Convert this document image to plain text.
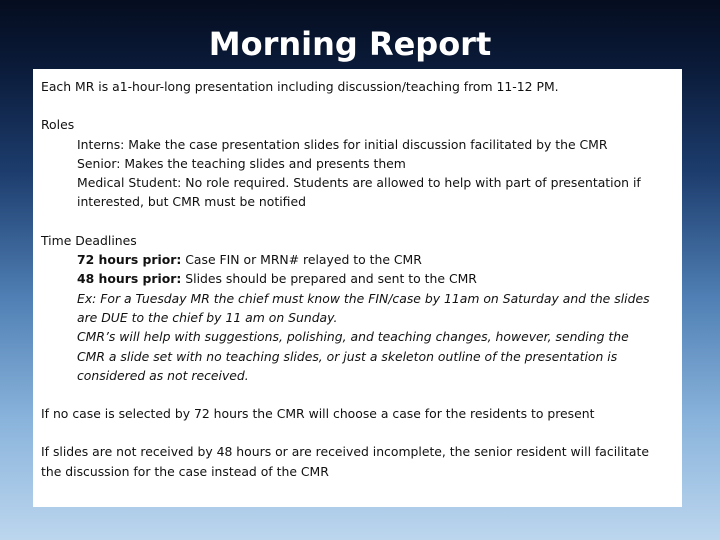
Morning Report
Each MR is a1-hour-long presentation including discussion/teaching from 11-12 PM.
Roles
Interns: Make the case presentation slides for initial discussion facilitated by the CMR
Senior: Makes the teaching slides and presents them
Medical Student: No role required. Students are allowed to help with part of presentation if
interested, but CMR must be notified
Time Deadlines
72 hours prior: Case FIN or MRN# relayed to the CMR
48 hours prior: Slides should be prepared and sent to the CMR
Ex: For a Tuesday MR the chief must know the FIN/case by 11am on Saturday and the slides
are DUE to the chief by 11 am on Sunday.
CMR’s will help with suggestions, polishing, and teaching changes, however, sending the
CMR a slide set with no teaching slides, or just a skeleton outline of the presentation is
considered as not received.
If no case is selected by 72 hours the CMR will choose a case for the residents to present
If slides are not received by 48 hours or are received incomplete, the senior resident will facilitate
the discussion for the case instead of the CMR
